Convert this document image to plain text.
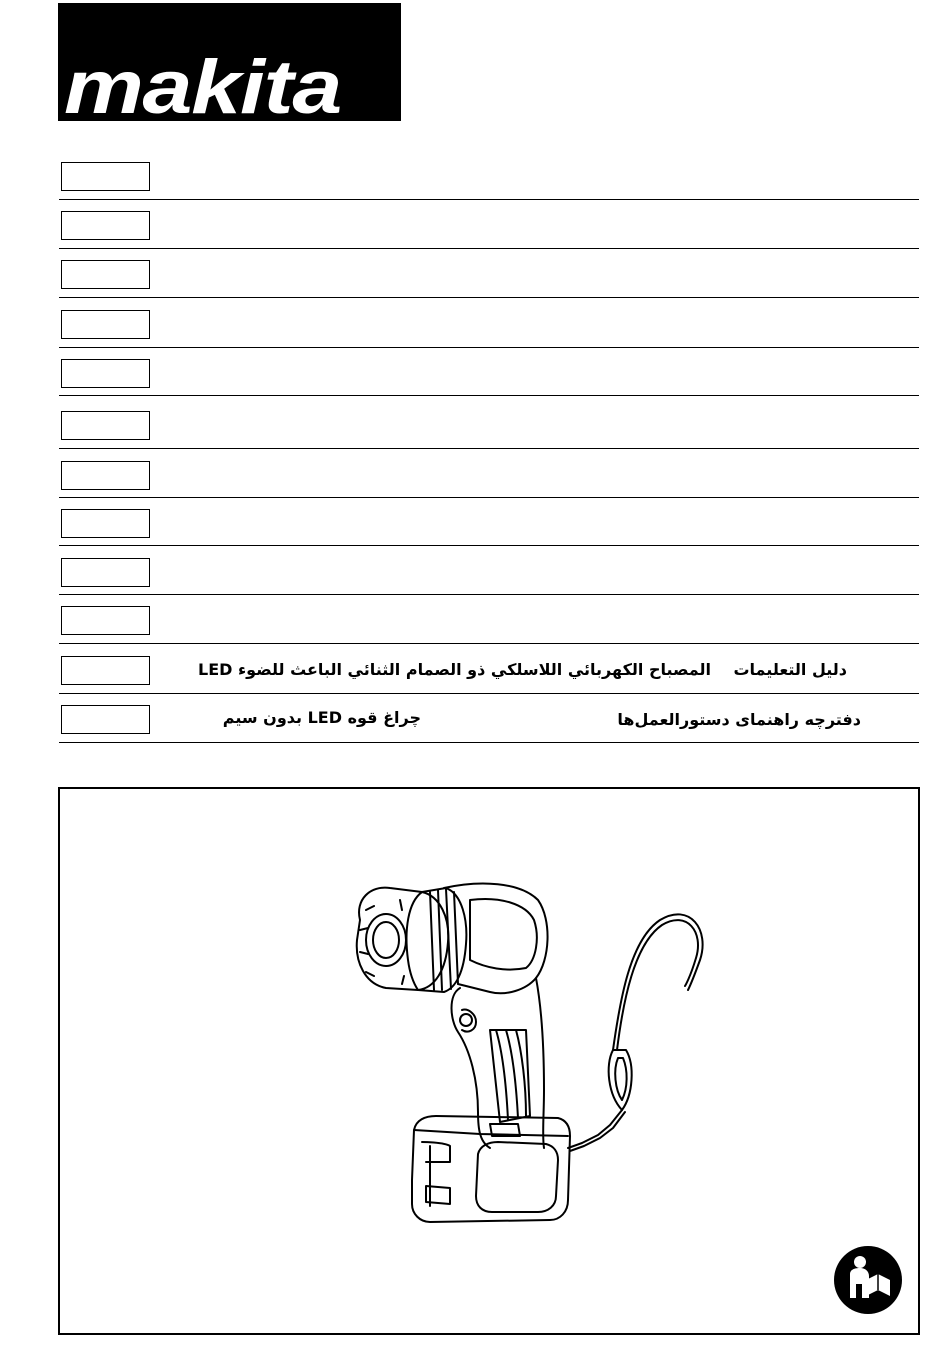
makita	R
المصباح الكهربائي اللاسلكي ذو الصمام الثنائي الباعث للضوء LED	دليل التعليمات
چراغ قوه LED بدون سیم	دفترچه راهنمای دستورالعمل‌ها
